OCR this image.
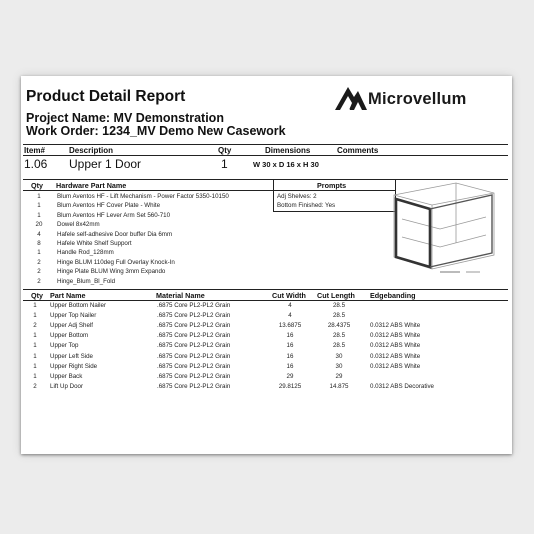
Product Detail Report
Project Name: MV Demonstration
Work Order: 1234_MV Demo New Casework
Microvellum
Item#	Description	Qty	Dimensions	Comments
1.06 Upper 1 Door	1	W 30 x D 16 x H 30
Qty Hardware Part Name	Prompts
1	Blum Aventos HF - Lift Mechanism - Power Factor 5350-10150
1	Blum Aventos HF Cover Plate - White
1	Blum Aventos HF Lever Arm Set 560-710
20	Dowel 8x42mm
4	Hafele self-adhesive Door buffer Dia 6mm
8	Hafele White Shelf Support
1	Handle Rod_128mm
2	Hinge BLUM 110deg Full Overlay Knock-In
2	Hinge Plate BLUM Wing 3mm Expando
2	Hinge_Blum_Bl_Fold
Adj Shelves: 2
Bottom Finished: Yes
Qty Part Name	Material Name	Cut Width Cut Length Edgebanding
1	Upper Bottom Nailer	.6875 Core PL2-PL2 Grain	4	28.5
1	Upper Top Nailer	.6875 Core PL2-PL2 Grain	4	28.5
2	Upper Adj Shelf	.6875 Core PL2-PL2 Grain	13.6875	28.4375	0.0312 ABS White
1	Upper Bottom	.6875 Core PL2-PL2 Grain	16	28.5	0.0312 ABS White
1	Upper Top	.6875 Core PL2-PL2 Grain	16	28.5	0.0312 ABS White
1	Upper Left Side	.6875 Core PL2-PL2 Grain	16	30	0.0312 ABS White
1	Upper Right Side	.6875 Core PL2-PL2 Grain	16	30	0.0312 ABS White
1	Upper Back	.6875 Core PL2-PL2 Grain	29	29
2	Lift Up Door	.6875 Core PL2-PL2 Grain	29.8125	14.875	0.0312 ABS Decorative
